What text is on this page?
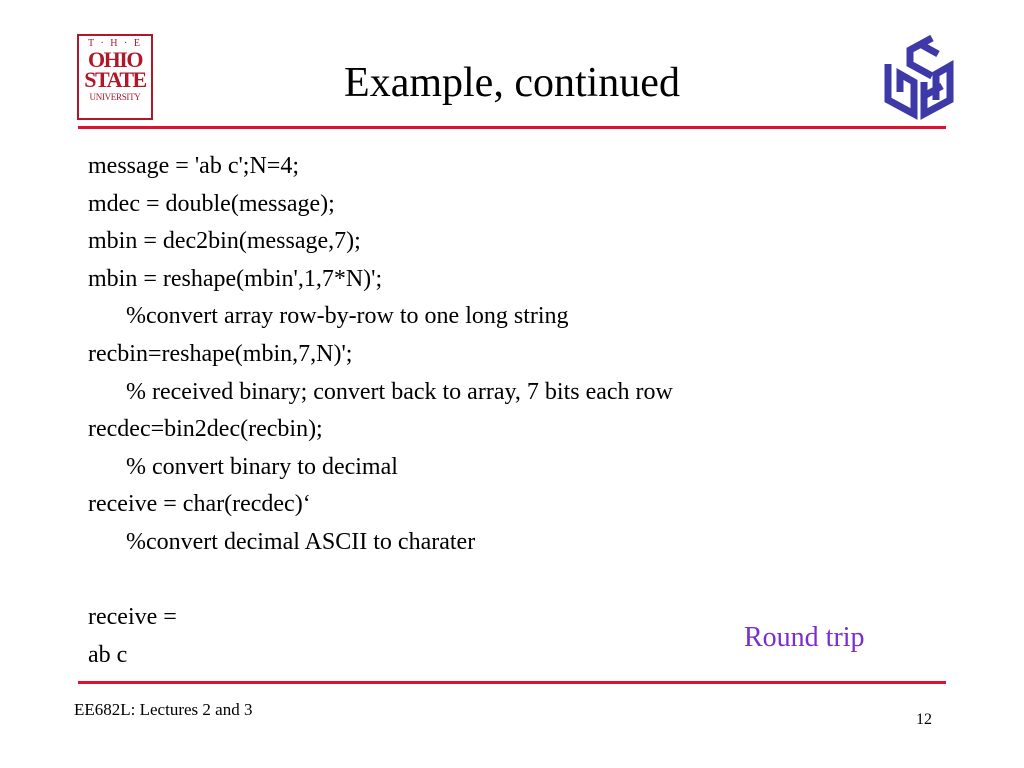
T · H · E
OHIO
STATE
UNIVERSITY	Example, continued
message = 'ab c';N=4;
mdec = double(message);
mbin = dec2bin(message,7);
mbin = reshape(mbin',1,7*N)';
%convert array row-by-row to one long string
recbin=reshape(mbin,7,N)';
% received binary; convert back to array, 7 bits each row
recdec=bin2dec(recbin);
% convert binary to decimal
receive = char(recdec)‘
%convert decimal ASCII to charater
receive =
ab c
Round trip
EE682L: Lectures 2 and 3
12
